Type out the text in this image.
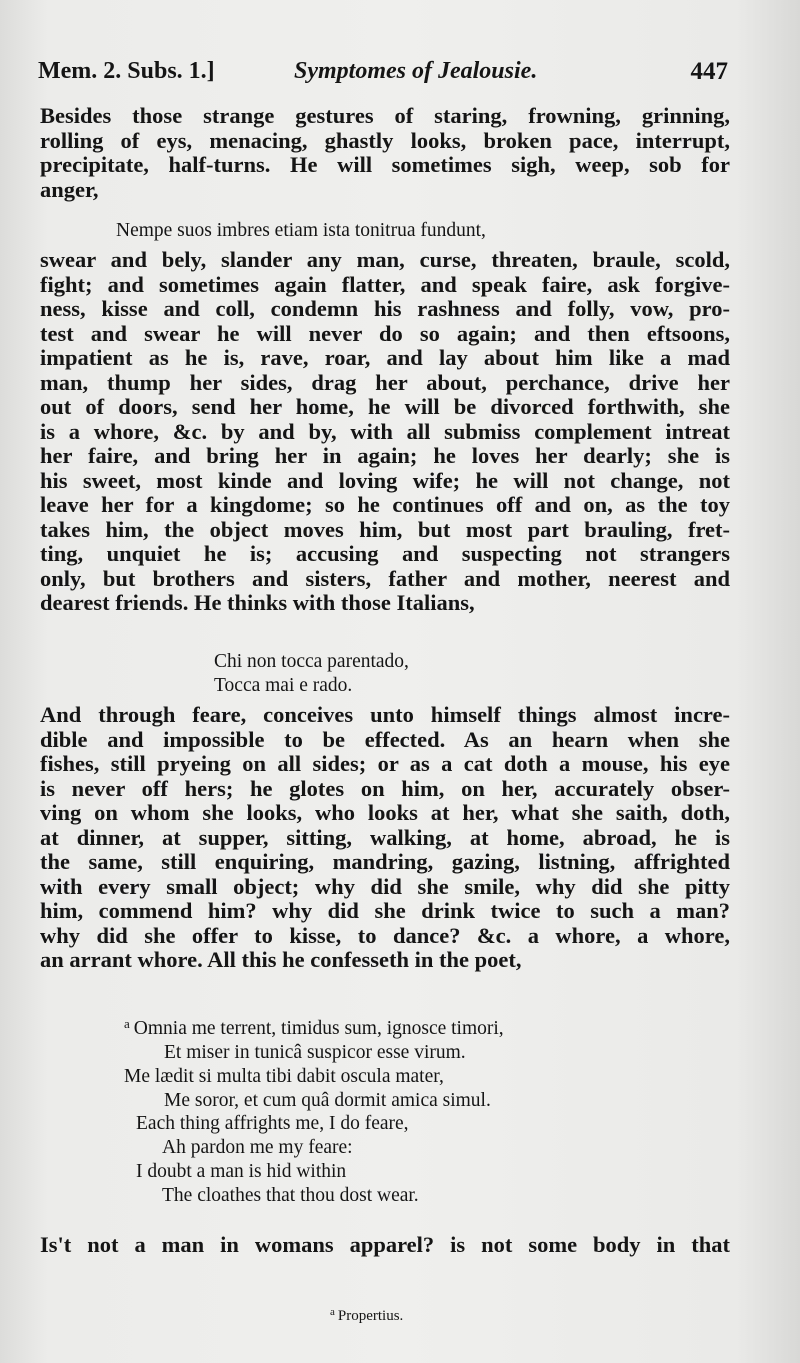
Mem. 2. Subs. 1.]	Symptomes of Jealousie.	447
Besides those strange gestures of staring, frowning, grinning,
rolling of eys, menacing, ghastly looks, broken pace, interrupt,
precipitate, half-turns. He will sometimes sigh, weep, sob for
anger,
Nempe suos imbres etiam ista tonitrua fundunt,
swear and bely, slander any man, curse, threaten, braule, scold,
fight; and sometimes again flatter, and speak faire, ask forgive-
ness, kisse and coll, condemn his rashness and folly, vow, pro-
test and swear he will never do so again; and then eftsoons,
impatient as he is, rave, roar, and lay about him like a mad
man, thump her sides, drag her about, perchance, drive her
out of doors, send her home, he will be divorced forthwith, she
is a whore, &c. by and by, with all submiss complement intreat
her faire, and bring her in again; he loves her dearly; she is
his sweet, most kinde and loving wife; he will not change, not
leave her for a kingdome; so he continues off and on, as the toy
takes him, the object moves him, but most part brauling, fret-
ting, unquiet he is; accusing and suspecting not strangers
only, but brothers and sisters, father and mother, neerest and
dearest friends. He thinks with those Italians,
Chi non tocca parentado,
Tocca mai e rado.
And through feare, conceives unto himself things almost incre-
dible and impossible to be effected. As an hearn when she
fishes, still pryeing on all sides; or as a cat doth a mouse, his eye
is never off hers; he glotes on him, on her, accurately obser-
ving on whom she looks, who looks at her, what she saith, doth,
at dinner, at supper, sitting, walking, at home, abroad, he is
the same, still enquiring, mandring, gazing, listning, affrighted
with every small object; why did she smile, why did she pitty
him, commend him? why did she drink twice to such a man?
why did she offer to kisse, to dance? &c. a whore, a whore,
an arrant whore. All this he confesseth in the poet,
$^a$ Omnia me terrent, timidus sum, ignosce timori,
Et miser in tunicâ suspicor esse virum.
Me lædit si multa tibi dabit oscula mater,
Me soror, et cum quâ dormit amica simul.
Each thing affrights me, I do feare,
Ah pardon me my feare:
I doubt a man is hid within
The cloathes that thou dost wear.
Is't not a man in womans apparel? is not some body in that
$^a$ Propertius.
